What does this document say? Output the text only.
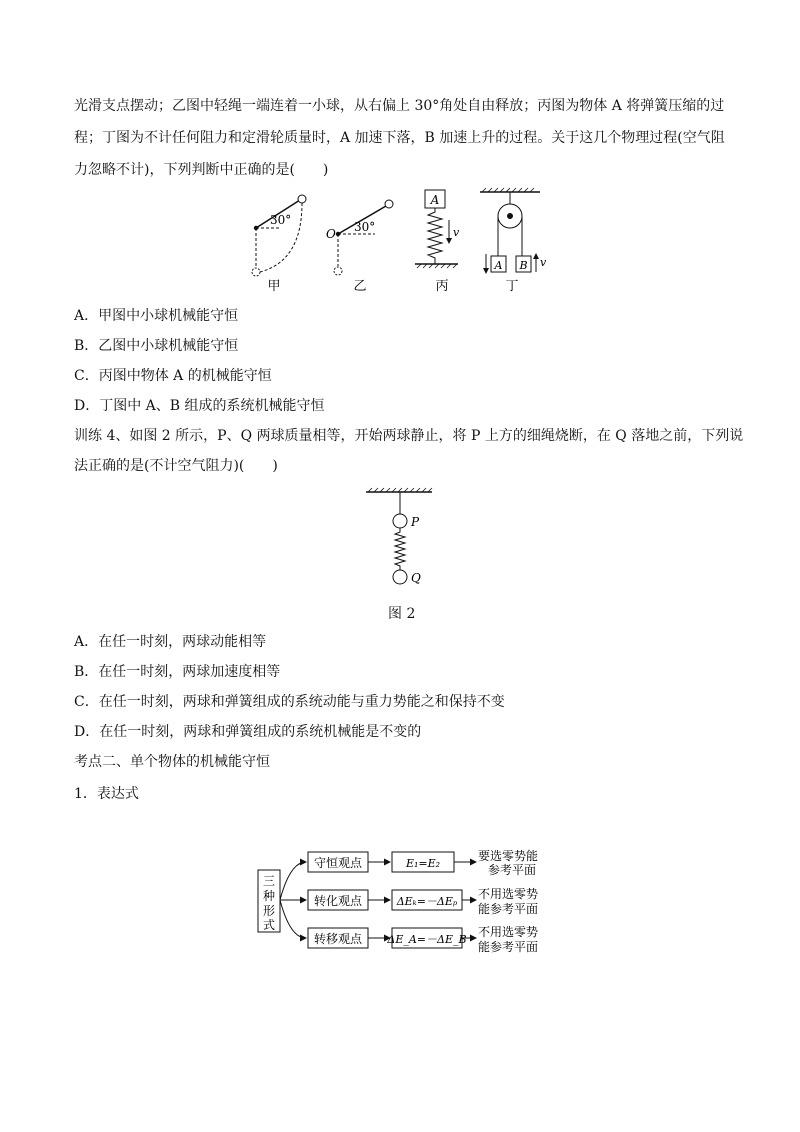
光滑支点摆动；乙图中轻绳一端连着一小球，从右偏上 30°角处自由释放；丙图为物体 A 将弹簧压缩的过
程；丁图为不计任何阻力和定滑轮质量时，A 加速下落，B 加速上升的过程。关于这几个物理过程(空气阻
力忽略不计)，下列判断中正确的是(　　)
30°
甲
O 30°
乙
A
v
丙
A B v
丁
A．甲图中小球机械能守恒
B．乙图中小球机械能守恒
C．丙图中物体 A 的机械能守恒
D．丁图中 A、B 组成的系统机械能守恒
训练 4、如图 2 所示，P、Q 两球质量相等，开始两球静止，将 P 上方的细绳烧断，在 Q 落地之前，下列说
法正确的是(不计空气阻力)(　　)
P
Q
图 2
A．在任一时刻，两球动能相等
B．在任一时刻，两球加速度相等
C．在任一时刻，两球和弹簧组成的系统动能与重力势能之和保持不变
D．在任一时刻，两球和弹簧组成的系统机械能是不变的
考点二、单个物体的机械能守恒
1．表达式
三
种
形
式
守恒观点	E₁=E₂
要选零势能
参考平面
转化观点	ΔEₖ=－ΔEₚ
不用选零势
能参考平面
转移观点 ΔE_A=－ΔE_B
不用选零势
能参考平面
